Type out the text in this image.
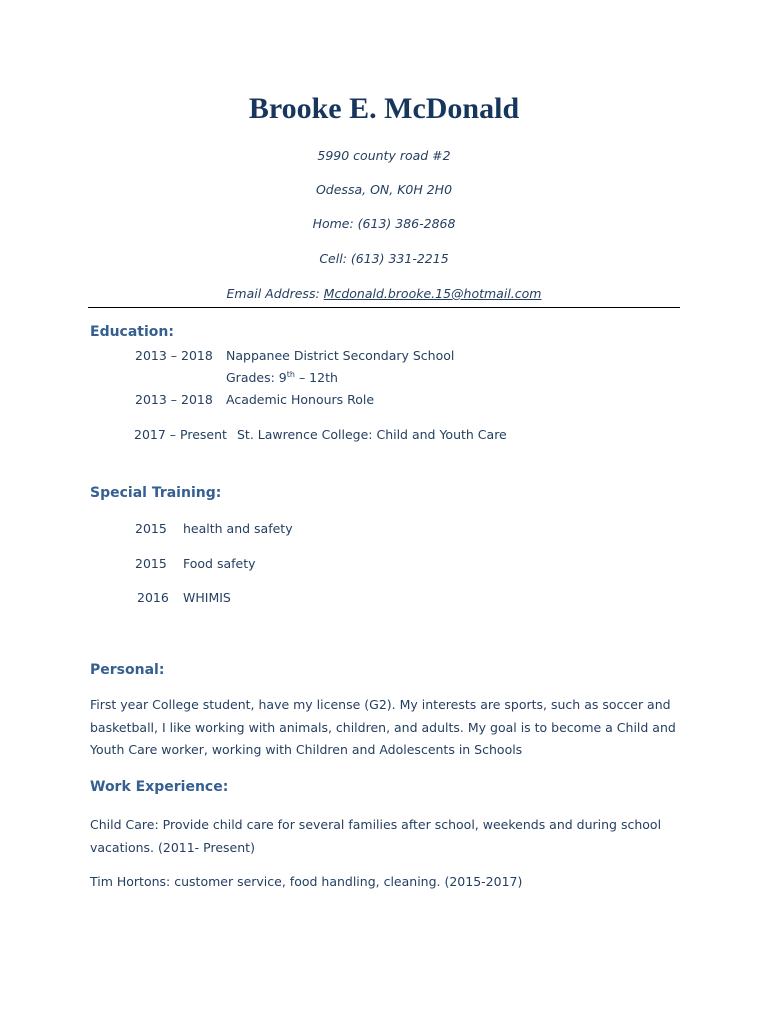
Brooke E. McDonald
5990 county road #2
Odessa, ON, K0H 2H0
Home: (613) 386-2868
Cell: (613) 331-2215
Email Address: Mcdonald.brooke.15@hotmail.com
Education:
2013 – 2018 Nappanee District Secondary School
Grades: 9th – 12th
2013 – 2018 Academic Honours Role
2017 – Present St. Lawrence College: Child and Youth Care
Special Training:
2015 health and safety
2015 Food safety
2016 WHIMIS
Personal:
First year College student, have my license (G2). My interests are sports, such as soccer and basketball, I like working with animals, children, and adults. My goal is to become a Child and Youth Care worker, working with Children and Adolescents in Schools
Work Experience:
Child Care: Provide child care for several families after school, weekends and during school vacations. (2011- Present)
Tim Hortons: customer service, food handling, cleaning. (2015-2017)
